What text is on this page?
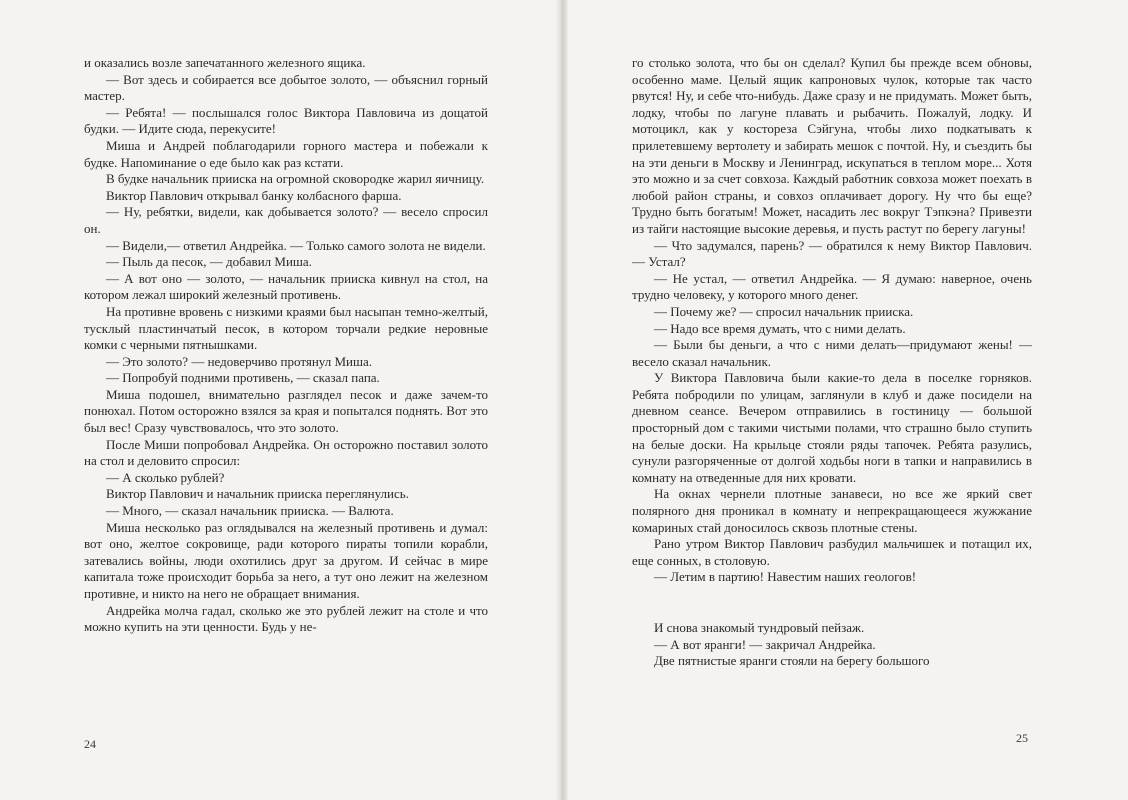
и оказались возле запечатанного железного ящика.

— Вот здесь и собирается все добытое золото, — объяснил горный мастер.

— Ребята! — послышался голос Виктора Павловича из дощатой будки. — Идите сюда, перекусите!

Миша и Андрей поблагодарили горного мастера и побежали к будке. Напоминание о еде было как раз кстати.

В будке начальник прииска на огромной сковородке жарил яичницу.

Виктор Павлович открывал банку колбасного фарша.

— Ну, ребятки, видели, как добывается золото? — весело спросил он.

— Видели,— ответил Андрейка. — Только самого золота не видели.

— Пыль да песок, — добавил Миша.

— А вот оно — золото, — начальник прииска кивнул на стол, на котором лежал широкий железный противень.

На противне вровень с низкими краями был насыпан темно-желтый, тусклый пластинчатый песок, в котором торчали редкие неровные комки с черными пятнышками.

— Это золото? — недоверчиво протянул Миша.

— Попробуй подними противень, — сказал папа.

Миша подошел, внимательно разглядел песок и даже зачем-то понюхал. Потом осторожно взялся за края и попытался поднять. Вот это был вес! Сразу чувствовалось, что это золото.

После Миши попробовал Андрейка. Он осторожно поставил золото на стол и деловито спросил:

— А сколько рублей?

Виктор Павлович и начальник прииска переглянулись.

— Много, — сказал начальник прииска. — Валюта.

Миша несколько раз оглядывался на железный противень и думал: вот оно, желтое сокровище, ради которого пираты топили корабли, затевались войны, люди охотились друг за другом. И сейчас в мире капитала тоже происходит борьба за него, а тут оно лежит на железном противне, и никто на него не обращает внимания.

Андрейка молча гадал, сколько же это рублей лежит на столе и что можно купить на эти ценности. Будь у не-

24

го столько золота, что бы он сделал? Купил бы прежде всем обновы, особенно маме. Целый ящик капроновых чулок, которые так часто рвутся! Ну, и себе что-нибудь. Даже сразу и не придумать. Может быть, лодку, чтобы по лагуне плавать и рыбачить. Пожалуй, лодку. И мотоцикл, как у костореза Сэйгуна, чтобы лихо подкатывать к прилетевшему вертолету и забирать мешок с почтой. Ну, и съездить бы на эти деньги в Москву и Ленинград, искупаться в теплом море... Хотя это можно и за счет совхоза. Каждый работник совхоза может поехать в любой район страны, и совхоз оплачивает дорогу. Ну что бы еще? Трудно быть богатым! Может, насадить лес вокруг Тэпкэна? Привезти из тайги настоящие высокие деревья, и пусть растут по берегу лагуны!

— Что задумался, парень? — обратился к нему Виктор Павлович. — Устал?

— Не устал, — ответил Андрейка. — Я думаю: наверное, очень трудно человеку, у которого много денег.

— Почему же? — спросил начальник прииска.

— Надо все время думать, что с ними делать.

— Были бы деньги, а что с ними делать—придумают жены! — весело сказал начальник.

У Виктора Павловича были какие-то дела в поселке горняков. Ребята побродили по улицам, заглянули в клуб и даже посидели на дневном сеансе. Вечером отправились в гостиницу — большой просторный дом с такими чистыми полами, что страшно было ступить на белые доски. На крыльце стояли ряды тапочек. Ребята разулись, сунули разгоряченные от долгой ходьбы ноги в тапки и направились в комнату на отведенные для них кровати.

На окнах чернели плотные занавеси, но все же яркий свет полярного дня проникал в комнату и непрекращающееся жужжание комариных стай доносилось сквозь плотные стены.

Рано утром Виктор Павлович разбудил мальчишек и потащил их, еще сонных, в столовую.

— Летим в партию! Навестим наших геологов!

И снова знакомый тундровый пейзаж.

— А вот яранги! — закричал Андрейка.

Две пятнистые яранги стояли на берегу большого

25
